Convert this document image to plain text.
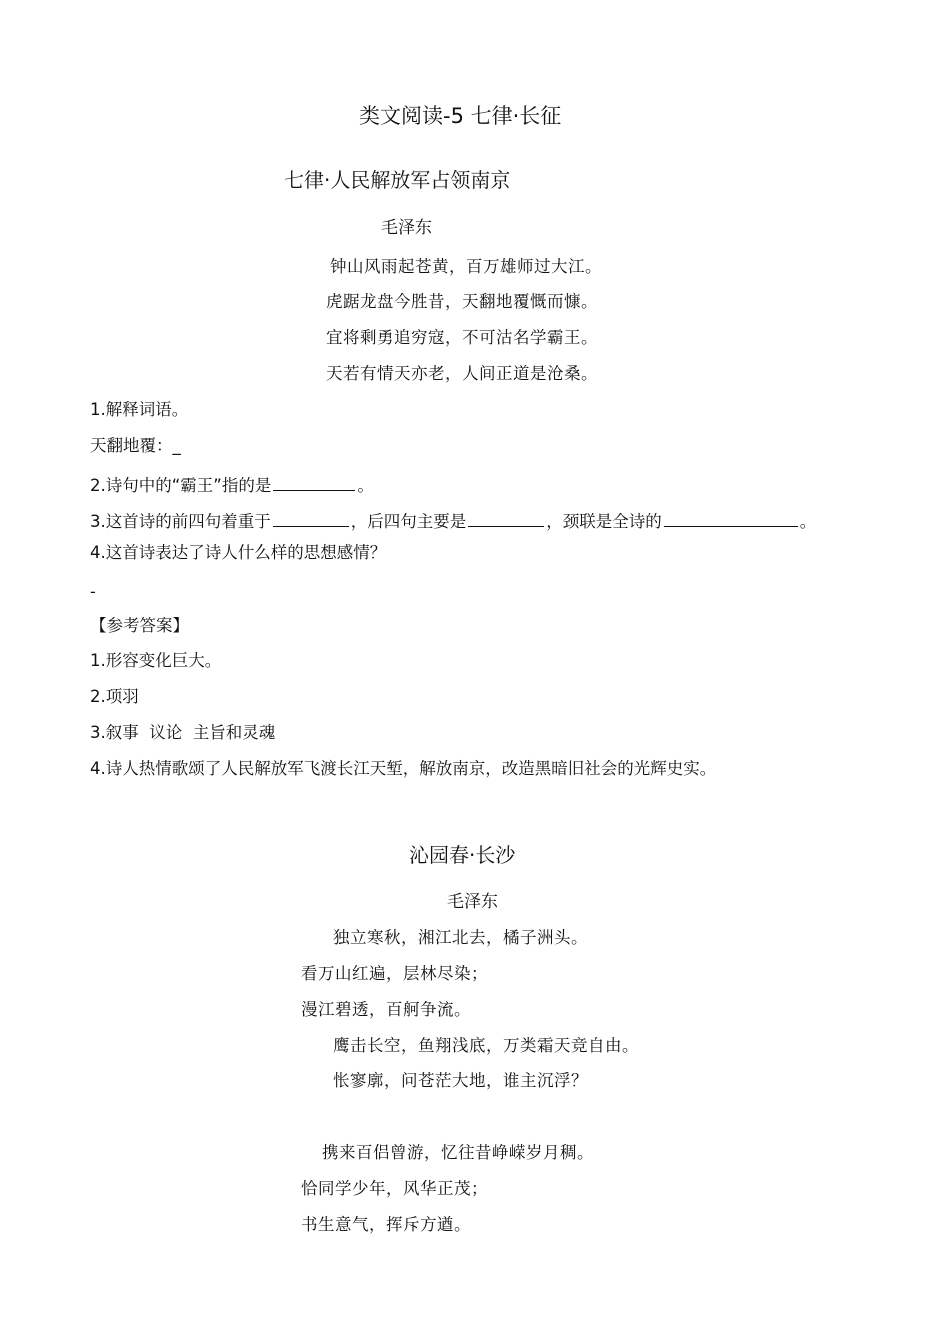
类文阅读-5 七律·长征
七律·人民解放军占领南京
毛泽东
钟山风雨起苍黄，百万雄师过大江。
虎踞龙盘今胜昔，天翻地覆慨而慷。
宜将剩勇追穷寇，不可沽名学霸王。
天若有情天亦老，人间正道是沧桑。
1.解释词语。
天翻地覆：_
2.诗句中的“霸王”指的是	。
3.这首诗的前四句着重于	，后四句主要是	，颈联是全诗的	。
4.这首诗表达了诗人什么样的思想感情？
-
【参考答案】
1.形容变化巨大。
2.项羽
3.叙事  议论  主旨和灵魂
4.诗人热情歌颂了人民解放军飞渡长江天堑，解放南京，改造黑暗旧社会的光辉史实。
沁园春·长沙
毛泽东
独立寒秋，湘江北去，橘子洲头。
看万山红遍，层林尽染；
漫江碧透，百舸争流。
鹰击长空，鱼翔浅底，万类霜天竞自由。
怅寥廓，问苍茫大地，谁主沉浮？
携来百侣曾游，忆往昔峥嵘岁月稠。
恰同学少年，风华正茂；
书生意气，挥斥方遒。
